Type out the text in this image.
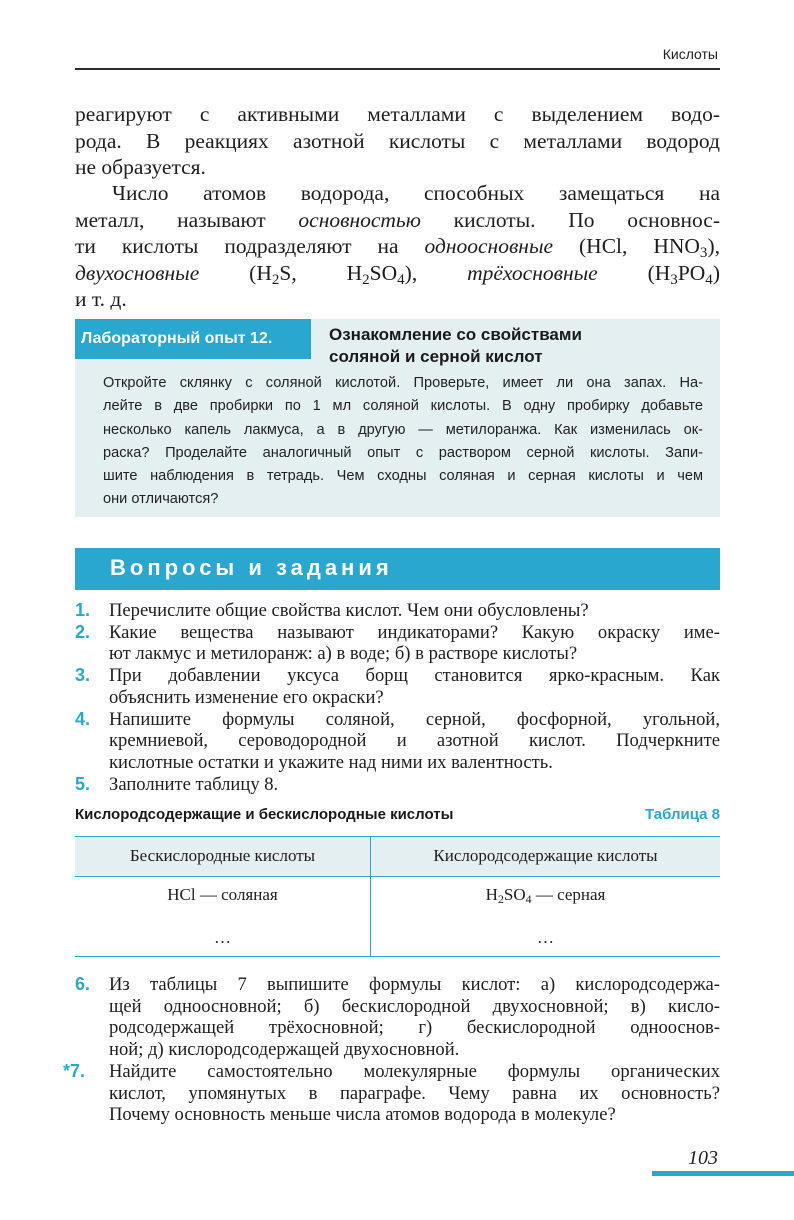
Кислоты
реагируют с активными металлами с выделением водо-
рода. В реакциях азотной кислоты с металлами водород
не образуется.
Число атомов водорода, способных замещаться на
металл, называют основностью кислоты. По основнос-
ти кислоты подразделяют на одноосновные (HCl, $HNO_3$),
двухосновные ($H_2S$, $H_2SO_4$), трёхосновные $(H_3PO_4)$
и т. д.
Лабораторный опыт 12.	Ознакомление со свойствами
соляной и серной кислот
Откройте склянку с соляной кислотой. Проверьте, имеет ли она запах. На-
лейте в две пробирки по 1 мл соляной кислоты. В одну пробирку добавьте
несколько капель лакмуса, а в другую — метилоранжа. Как изменилась ок-
раска? Проделайте аналогичный опыт с раствором серной кислоты. Запи-
шите наблюдения в тетрадь. Чем сходны соляная и серная кислоты и чем
они отличаются?
Вопросы и задания
1. Перечислите общие свойства кислот. Чем они обусловлены?
2. Какие вещества называют индикаторами? Какую окраску име-
ют лакмус и метилоранж: а) в воде; б) в растворе кислоты?
3. При добавлении уксуса борщ становится ярко-красным. Как
объяснить изменение его окраски?
4. Напишите формулы соляной, серной, фосфорной, угольной,
кремниевой, сероводородной и азотной кислот. Подчеркните
кислотные остатки и укажите над ними их валентность.
5. Заполните таблицу 8.
Кислородсодержащие и бескислородные кислоты	Таблица 8
Бескислородные кислоты	Кислородсодержащие кислоты
HCl — соляная	$H_2SO_4$ — серная
…	…
6. Из таблицы 7 выпишите формулы кислот: а) кислородсодержа-
щей одноосновной; б) бескислородной двухосновной; в) кисло-
родсодержащей трёхосновной; г) бескислородной однооснов-
ной; д) кислородсодержащей двухосновной.
*7. Найдите самостоятельно молекулярные формулы органических
кислот, упомянутых в параграфе. Чему равна их основность?
Почему основность меньше числа атомов водорода в молекуле?
103
